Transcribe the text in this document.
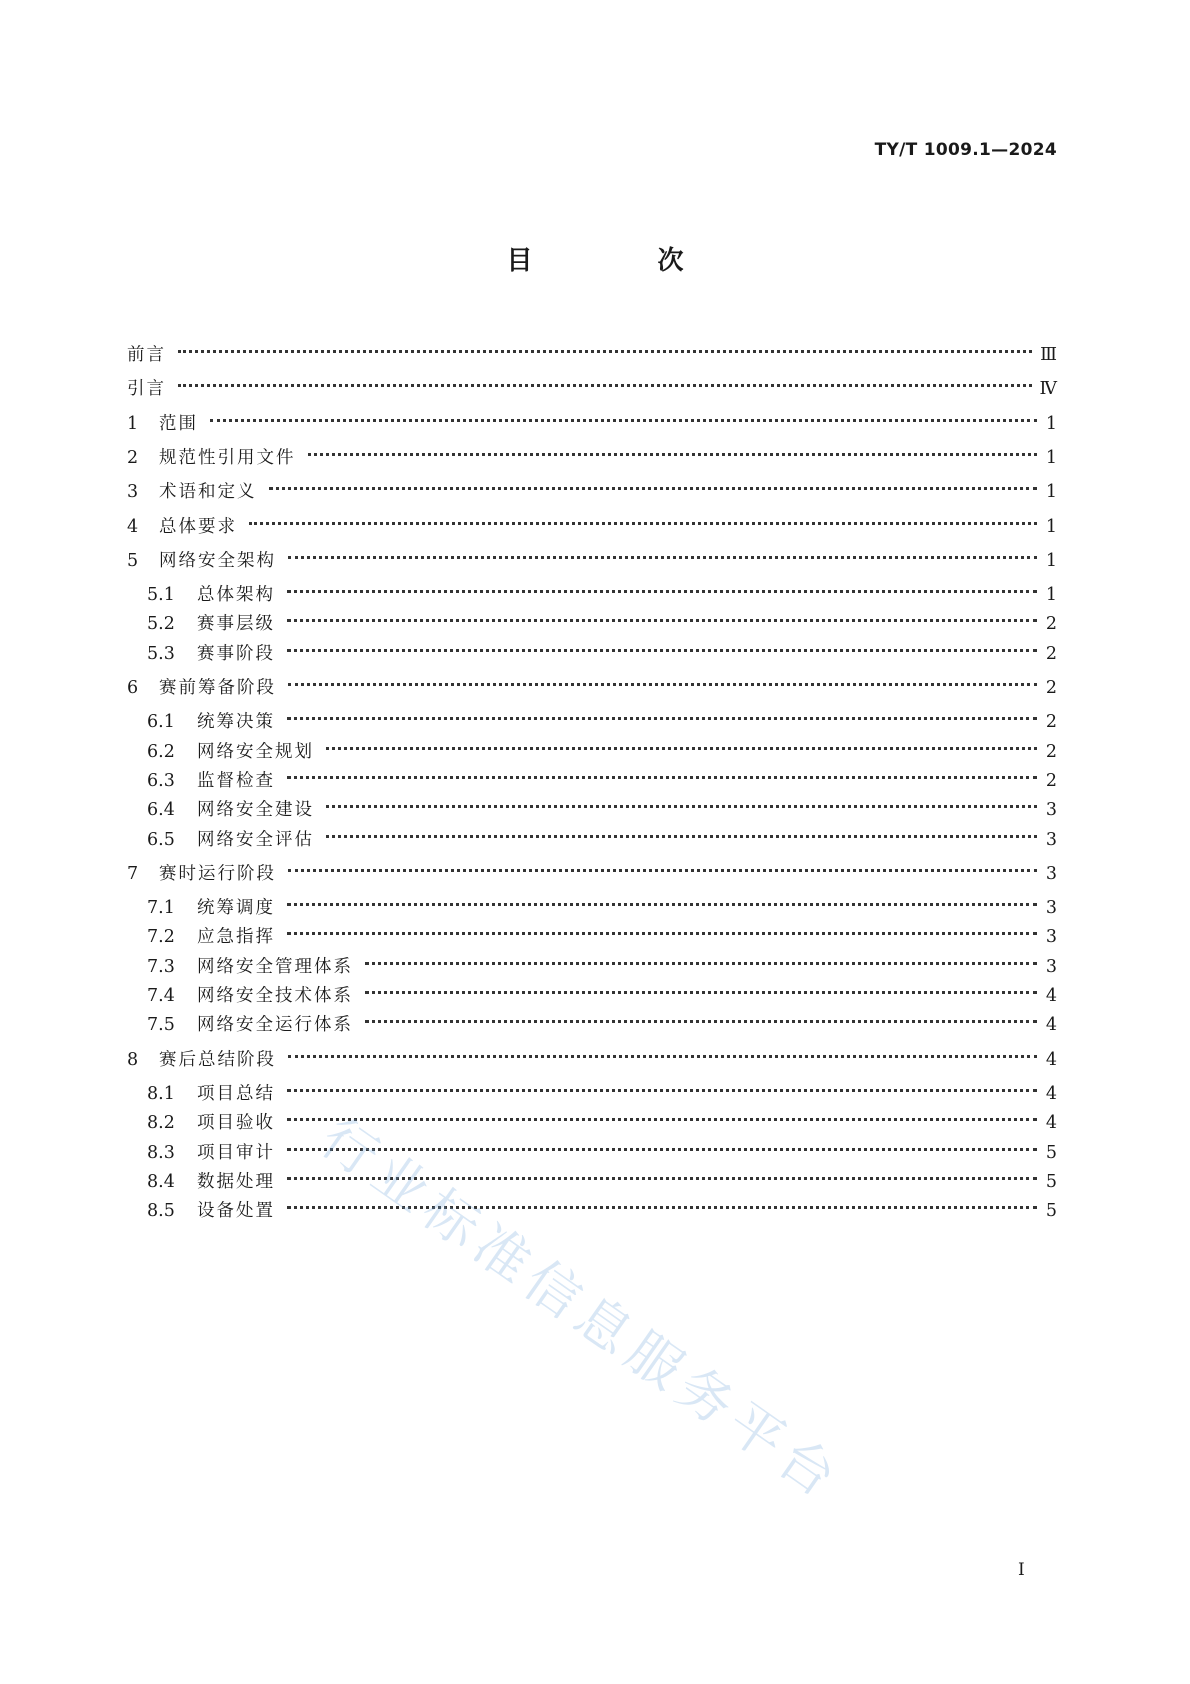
TY/T 1009.1—2024
目 次
前言	Ⅲ
引言	Ⅳ
1	范围	1
2	规范性引用文件	1
3	术语和定义	1
4	总体要求	1
5	网络安全架构	1
5.1	总体架构	1
5.2	赛事层级	2
5.3	赛事阶段	2
6	赛前筹备阶段	2
6.1	统筹决策	2
6.2	网络安全规划	2
6.3	监督检查	2
6.4	网络安全建设	3
6.5	网络安全评估	3
7	赛时运行阶段	3
7.1	统筹调度	3
7.2	应急指挥	3
7.3	网络安全管理体系	3
7.4	网络安全技术体系	4
7.5	网络安全运行体系	4
8	赛后总结阶段	4
8.1	项目总结	4
8.2	项目验收	4
8.3	项目审计	5
8.4	数据处理	5
8.5	设备处置	5
I
行业标准信息服务平台
